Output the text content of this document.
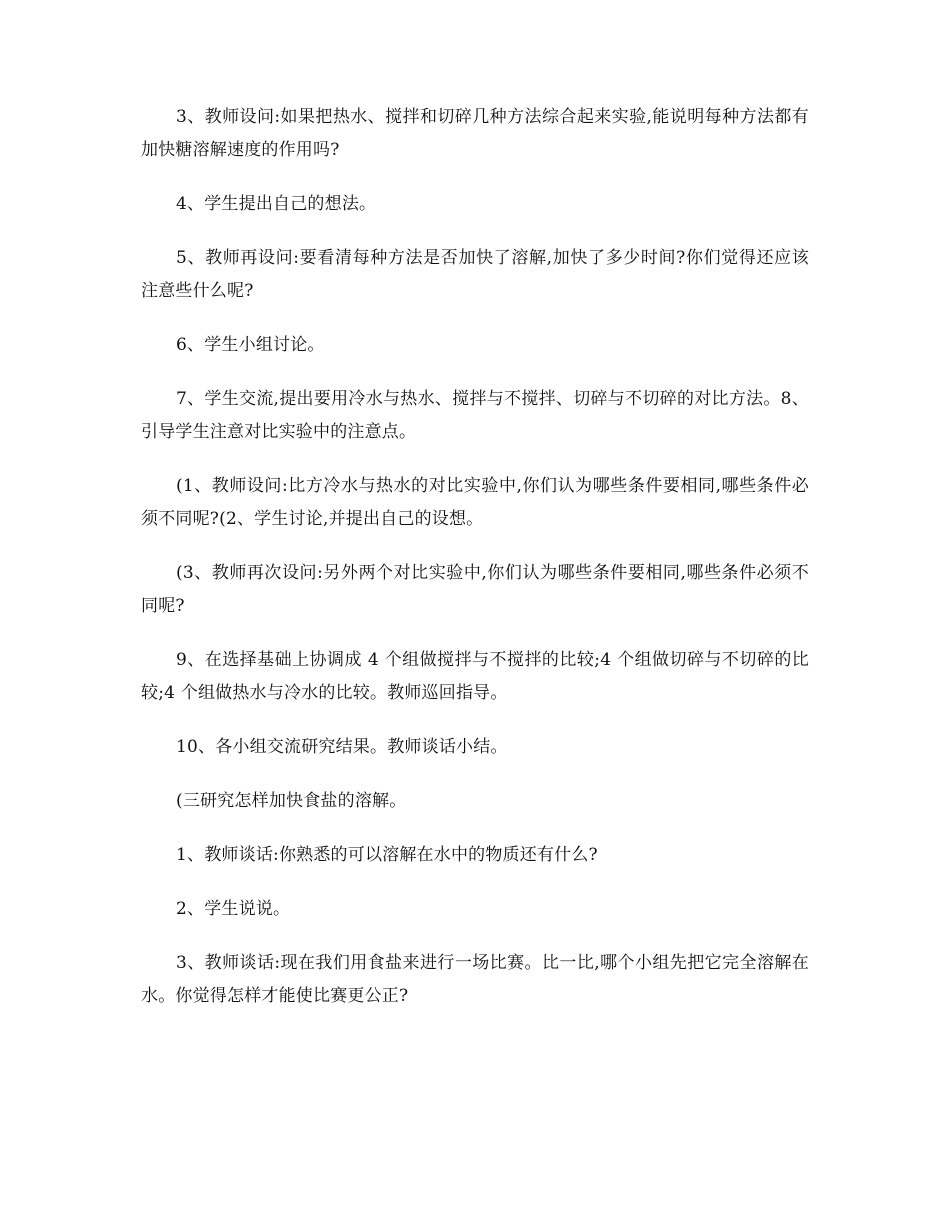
3、教师设问:如果把热水、搅拌和切碎几种方法综合起来实验,能说明每种方法都有加快糖溶解速度的作用吗?

4、学生提出自己的想法。

5、教师再设问:要看清每种方法是否加快了溶解,加快了多少时间?你们觉得还应该注意些什么呢?

6、学生小组讨论。

7、学生交流,提出要用冷水与热水、搅拌与不搅拌、切碎与不切碎的对比方法。8、引导学生注意对比实验中的注意点。

(1、教师设问:比方冷水与热水的对比实验中,你们认为哪些条件要相同,哪些条件必须不同呢?(2、学生讨论,并提出自己的设想。

(3、教师再次设问:另外两个对比实验中,你们认为哪些条件要相同,哪些条件必须不同呢?

9、在选择基础上协调成 4 个组做搅拌与不搅拌的比较;4 个组做切碎与不切碎的比较;4 个组做热水与冷水的比较。教师巡回指导。

10、各小组交流研究结果。教师谈话小结。

(三研究怎样加快食盐的溶解。

1、教师谈话:你熟悉的可以溶解在水中的物质还有什么?

2、学生说说。

3、教师谈话:现在我们用食盐来进行一场比赛。比一比,哪个小组先把它完全溶解在水。你觉得怎样才能使比赛更公正?
